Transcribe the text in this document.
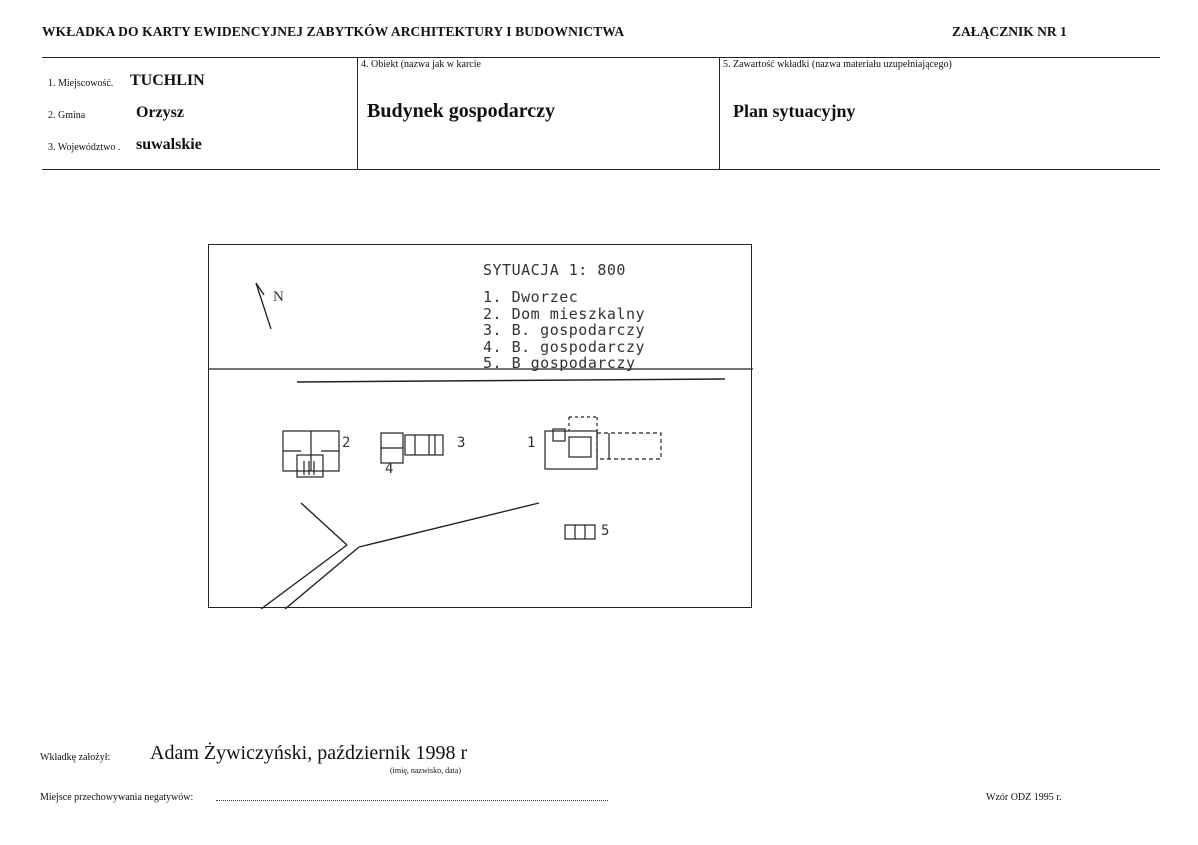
WKŁADKA DO KARTY EWIDENCYJNEJ ZABYTKÓW ARCHITEKTURY I BUDOWNICTWA	ZAŁĄCZNIK NR 1
1. Miejscowość. TUCHLIN
2. Gmina	Orzysz
3. Województwo . suwalskie
4. Obiekt (nazwa jak w karcie
Budynek gospodarczy
5. Zawartość wkładki (nazwa materiału uzupełniającego)
Plan sytuacyjny
N
SYTUACJA 1: 800
1. Dworzec
2. Dom mieszkalny
3. B. gospodarczy
4. B. gospodarczy
5. B gospodarczy
2	3
4
1
5
Wkładkę założył: Adam Żywiczyński, październik 1998 r
(imię, nazwisko, data)
Miejsce przechowywania negatywów:	Wzór ODZ 1995 r.
